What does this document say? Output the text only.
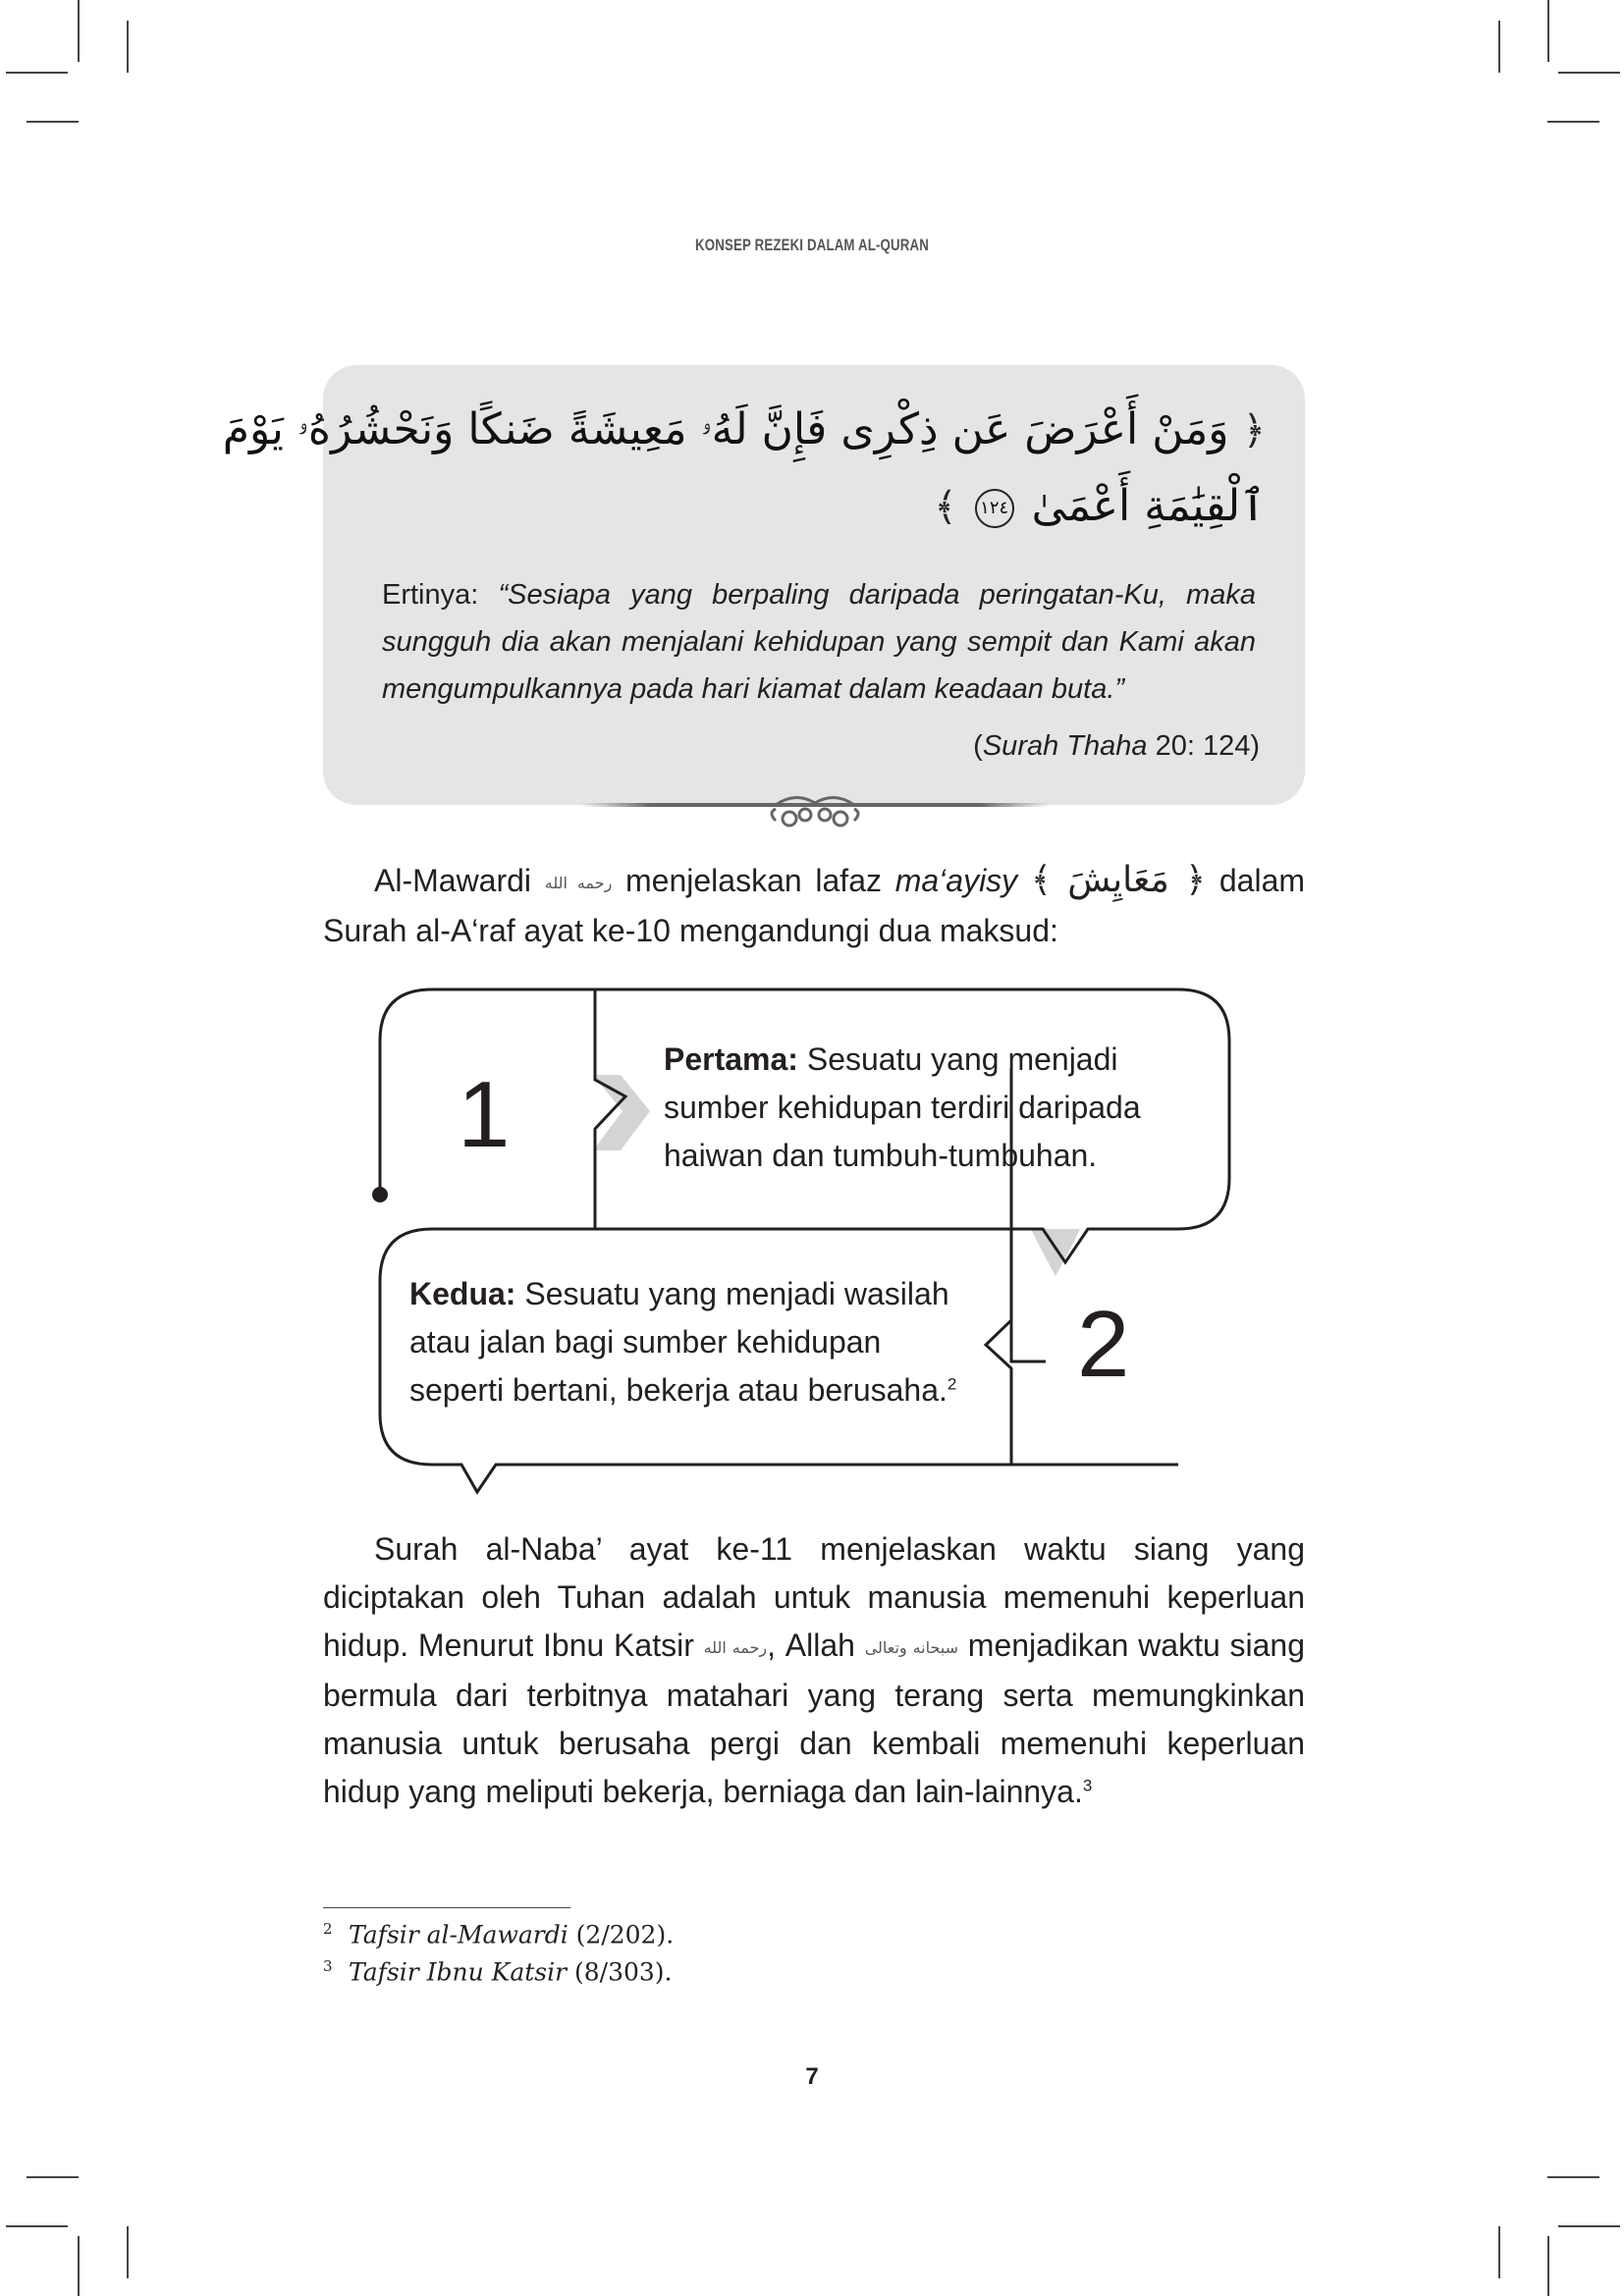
KONSEP REZEKI DALAM AL-QURAN
﴿ وَمَنْ أَعْرَضَ عَن ذِكْرِى فَإِنَّ لَهُۥ مَعِيشَةً ضَنكًا وَنَحْشُرُهُۥ يَوْمَ
ٱلْقِيَٰمَةِ أَعْمَىٰ ١٢٤ ﴾
Ertinya: “Sesiapa yang berpaling daripada peringatan-Ku, maka sungguh dia akan menjalani kehidupan yang sempit dan Kami akan mengumpulkannya pada hari kiamat dalam keadaan buta.”
(Surah Thaha 20: 124)
Al-Mawardi رحمه الله menjelaskan lafaz ma‘ayisy ﴿ مَعَايِشَ ﴾ dalam Surah al-A‘raf ayat ke-10 mengandungi dua maksud:
1
Pertama: Sesuatu yang menjadi sumber kehidupan terdiri daripada haiwan dan tumbuh-tumbuhan.
Kedua: Sesuatu yang menjadi wasilah atau jalan bagi sumber kehidupan seperti bertani, bekerja atau berusaha.$^2$ 2
Surah al-Naba’ ayat ke-11 menjelaskan waktu siang yang diciptakan oleh Tuhan adalah untuk manusia memenuhi keperluan hidup. Menurut Ibnu Katsir رحمه الله, Allah سبحانه وتعالى menjadikan waktu siang bermula dari terbitnya matahari yang terang serta memungkinkan manusia untuk berusaha pergi dan kembali memenuhi keperluan hidup yang meliputi bekerja, berniaga dan lain-lainnya.$^3$
2 Tafsir al-Mawardi (2/202).
3 Tafsir Ibnu Katsir (8/303).
7
